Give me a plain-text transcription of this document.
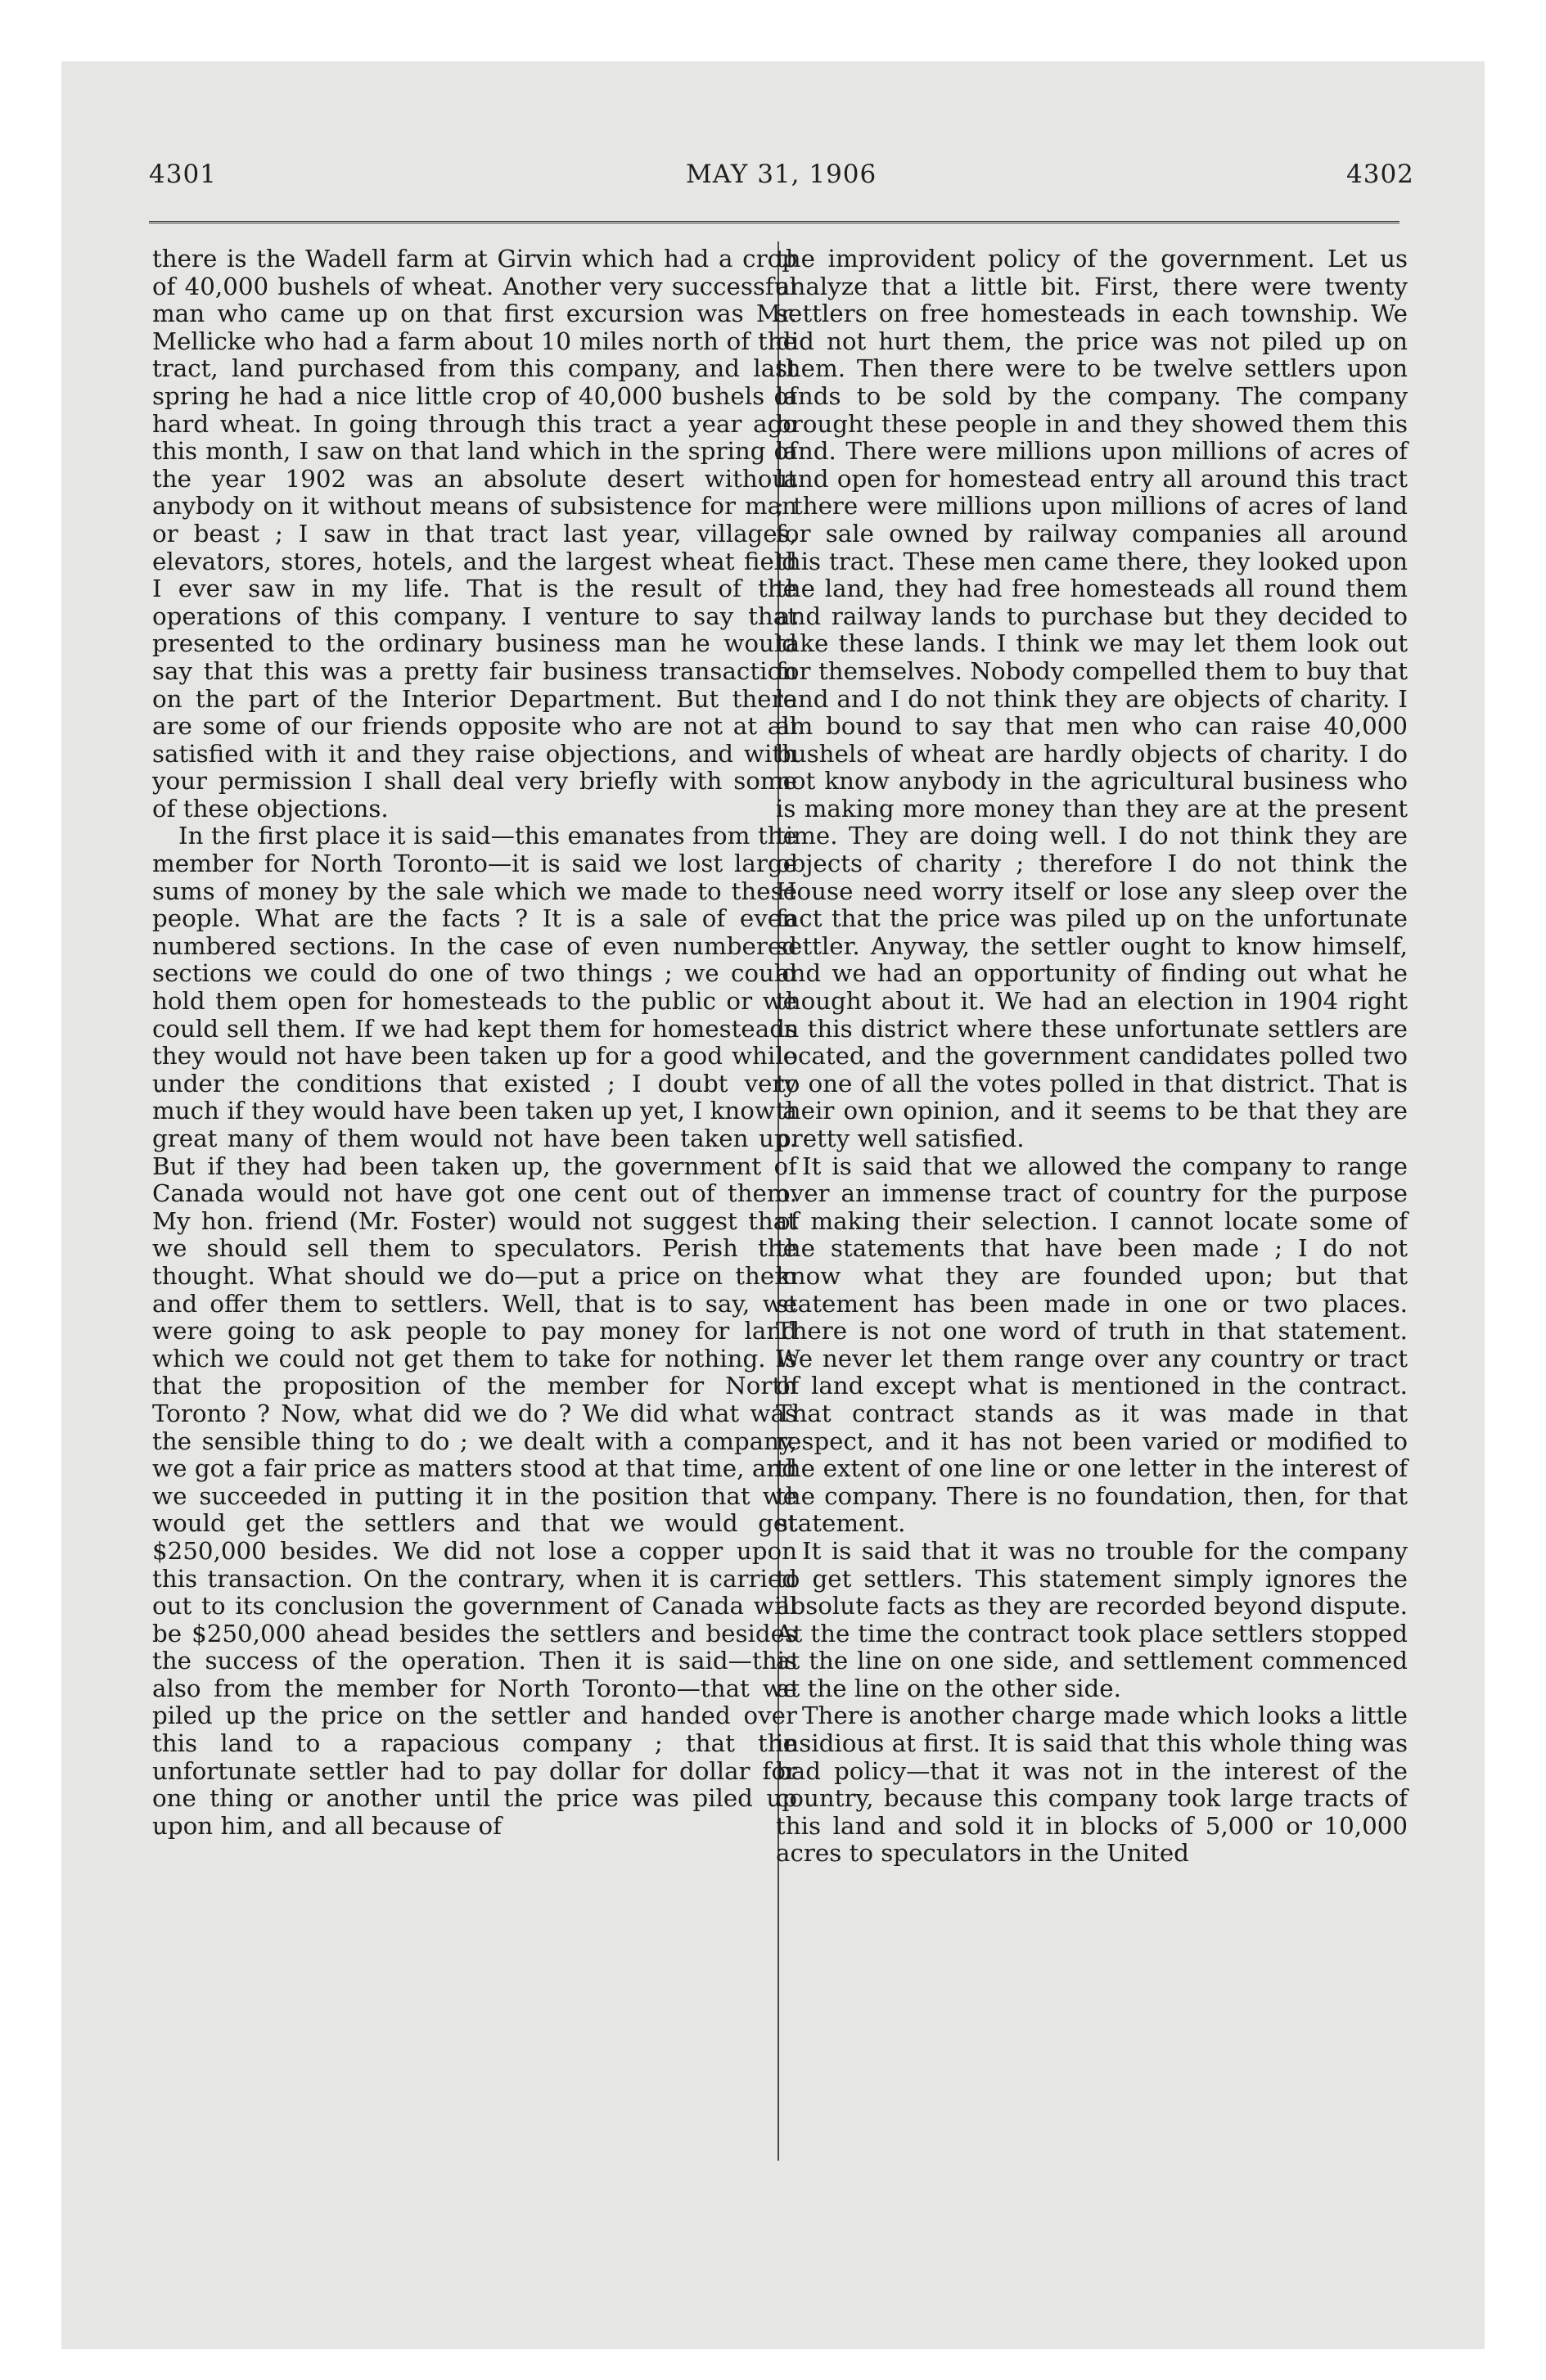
4301	MAY 31, 1906	4302

there is the Wadell farm at Girvin which had a crop of 40,000 bushels of wheat. Another very successful man who came up on that first excursion was Mr. Mellicke who had a farm about 10 miles north of the tract, land purchased from this company, and last spring he had a nice little crop of 40,000 bushels of hard wheat. In going through this tract a year ago this month, I saw on that land which in the spring of the year 1902 was an absolute desert without anybody on it without means of subsistence for man or beast ; I saw in that tract last year, villages, elevators, stores, hotels, and the largest wheat field I ever saw in my life. That is the result of the operations of this company. I venture to say that presented to the ordinary business man he would say that this was a pretty fair business transaction on the part of the Interior Department. But there are some of our friends opposite who are not at all satisfied with it and they raise objections, and with your permission I shall deal very briefly with some of these objections.

In the first place it is said—this emanates from the member for North Toronto—it is said we lost large sums of money by the sale which we made to these people. What are the facts ? It is a sale of even numbered sections. In the case of even numbered sections we could do one of two things ; we could hold them open for homesteads to the public or we could sell them. If we had kept them for homesteads they would not have been taken up for a good while under the conditions that existed ; I doubt very much if they would have been taken up yet, I know a great many of them would not have been taken up. But if they had been taken up, the government of Canada would not have got one cent out of them. My hon. friend (Mr. Foster) would not suggest that we should sell them to speculators. Perish the thought. What should we do—put a price on them and offer them to settlers. Well, that is to say, we were going to ask people to pay money for land which we could not get them to take for nothing. Is that the proposition of the member for North Toronto ? Now, what did we do ? We did what was the sensible thing to do ; we dealt with a company, we got a fair price as matters stood at that time, and we succeeded in putting it in the position that we would get the settlers and that we would get $250,000 besides. We did not lose a copper upon this transaction. On the contrary, when it is carried out to its conclusion the government of Canada will be $250,000 ahead besides the settlers and besides the success of the operation. Then it is said—this also from the member for North Toronto—that we piled up the price on the settler and handed over this land to a rapacious company ; that the unfortunate settler had to pay dollar for dollar for one thing or another until the price was piled up upon him, and all because of

the improvident policy of the government. Let us analyze that a little bit. First, there were twenty settlers on free homesteads in each township. We did not hurt them, the price was not piled up on them. Then there were to be twelve settlers upon lands to be sold by the company. The company brought these people in and they showed them this land. There were millions upon millions of acres of land open for homestead entry all around this tract ; there were millions upon millions of acres of land for sale owned by railway companies all around this tract. These men came there, they looked upon the land, they had free homesteads all round them and railway lands to purchase but they decided to take these lands. I think we may let them look out for themselves. Nobody compelled them to buy that land and I do not think they are objects of charity. I am bound to say that men who can raise 40,000 bushels of wheat are hardly objects of charity. I do not know anybody in the agricultural business who is making more money than they are at the present time. They are doing well. I do not think they are objects of charity ; therefore I do not think the House need worry itself or lose any sleep over the fact that the price was piled up on the unfortunate settler. Anyway, the settler ought to know himself, and we had an opportunity of finding out what he thought about it. We had an election in 1904 right in this district where these unfortunate settlers are located, and the government candidates polled two to one of all the votes polled in that district. That is their own opinion, and it seems to be that they are pretty well satisfied.

It is said that we allowed the company to range over an immense tract of country for the purpose of making their selection. I cannot locate some of the statements that have been made ; I do not know what they are founded upon; but that statement has been made in one or two places. There is not one word of truth in that statement. We never let them range over any country or tract of land except what is mentioned in the contract. That contract stands as it was made in that respect, and it has not been varied or modified to the extent of one line or one letter in the interest of the company. There is no foundation, then, for that statement.

It is said that it was no trouble for the company to get settlers. This statement simply ignores the absolute facts as they are recorded beyond dispute. At the time the contract took place settlers stopped at the line on one side, and settlement commenced at the line on the other side.

There is another charge made which looks a little insidious at first. It is said that this whole thing was bad policy—that it was not in the interest of the country, because this company took large tracts of this land and sold it in blocks of 5,000 or 10,000 acres to speculators in the United
